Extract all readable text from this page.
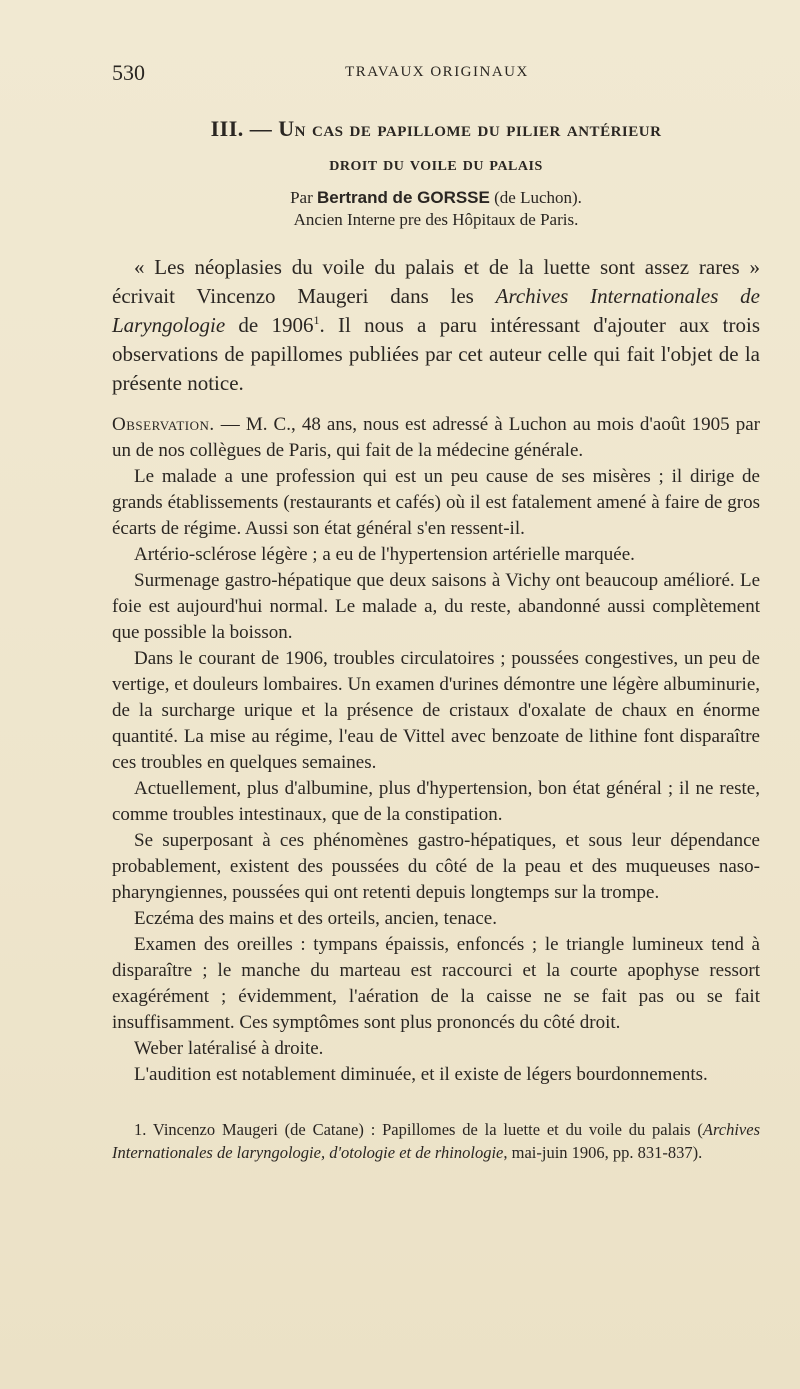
530	TRAVAUX ORIGINAUX
III. — Un cas de papillome du pilier antérieur
droit du voile du palais
Par Bertrand de GORSSE (de Luchon).
Ancien Interne pre des Hôpitaux de Paris.

« Les néoplasies du voile du palais et de la luette sont assez rares » écrivait Vincenzo Maugeri dans les Archives Internationales de Laryngologie de 1906$^1$. Il nous a paru intéressant d'ajouter aux trois observations de papillomes publiées par cet auteur celle qui fait l'objet de la présente notice.

Observation. — M. C., 48 ans, nous est adressé à Luchon au mois d'août 1905 par un de nos collègues de Paris, qui fait de la médecine générale.

Le malade a une profession qui est un peu cause de ses misères ; il dirige de grands établissements (restaurants et cafés) où il est fatalement amené à faire de gros écarts de régime. Aussi son état général s'en ressent-il.

Artério-sclérose légère ; a eu de l'hypertension artérielle marquée.

Surmenage gastro-hépatique que deux saisons à Vichy ont beaucoup amélioré. Le foie est aujourd'hui normal. Le malade a, du reste, abandonné aussi complètement que possible la boisson.

Dans le courant de 1906, troubles circulatoires ; poussées congestives, un peu de vertige, et douleurs lombaires. Un examen d'urines démontre une légère albuminurie, de la surcharge urique et la présence de cristaux d'oxalate de chaux en énorme quantité. La mise au régime, l'eau de Vittel avec benzoate de lithine font disparaître ces troubles en quelques semaines.

Actuellement, plus d'albumine, plus d'hypertension, bon état général ; il ne reste, comme troubles intestinaux, que de la constipation.

Se superposant à ces phénomènes gastro-hépatiques, et sous leur dépendance probablement, existent des poussées du côté de la peau et des muqueuses naso-pharyngiennes, poussées qui ont retenti depuis longtemps sur la trompe.

Eczéma des mains et des orteils, ancien, tenace.

Examen des oreilles : tympans épaissis, enfoncés ; le triangle lumineux tend à disparaître ; le manche du marteau est raccourci et la courte apophyse ressort exagérément ; évidemment, l'aération de la caisse ne se fait pas ou se fait insuffisamment. Ces symptômes sont plus prononcés du côté droit.

Weber latéralisé à droite.

L'audition est notablement diminuée, et il existe de légers bourdonnements.

1. Vincenzo Maugeri (de Catane) : Papillomes de la luette et du voile du palais (Archives Internationales de laryngologie, d'otologie et de rhinologie, mai-juin 1906, pp. 831-837).
